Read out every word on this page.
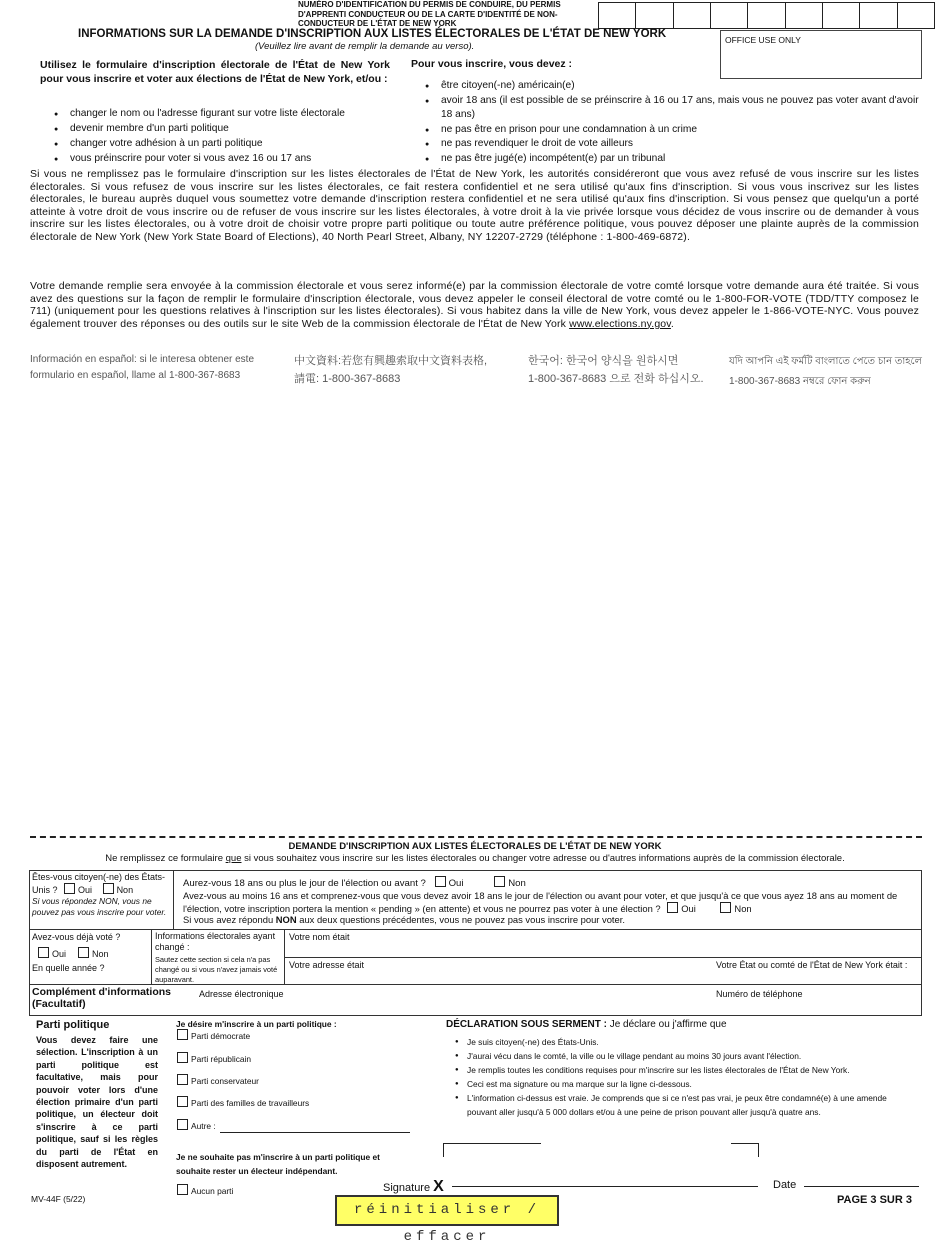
NUMÉRO D'IDENTIFICATION DU PERMIS DE CONDUIRE, DU PERMIS D'APPRENTI CONDUCTEUR OU DE LA CARTE D'IDENTITÉ DE NON-CONDUCTEUR DE L'ÉTAT DE NEW YORK
INFORMATIONS SUR LA DEMANDE D'INSCRIPTION AUX LISTES ÉLECTORALES DE L'ÉTAT DE NEW YORK
(Veuillez lire avant de remplir la demande au verso).
OFFICE USE ONLY
Utilisez le formulaire d'inscription électorale de l'État de New York pour vous inscrire et voter aux élections de l'État de New York, et/ou :
● changer le nom ou l'adresse figurant sur votre liste électorale
● devenir membre d'un parti politique
● changer votre adhésion à un parti politique
● vous préinscrire pour voter si vous avez 16 ou 17 ans
Pour vous inscrire, vous devez :
● être citoyen(-ne) américain(e)
● avoir 18 ans (il est possible de se préinscrire à 16 ou 17 ans, mais vous ne pouvez pas voter avant d'avoir 18 ans)
● ne pas être en prison pour une condamnation à un crime
● ne pas revendiquer le droit de vote ailleurs
● ne pas être jugé(e) incompétent(e) par un tribunal
Si vous ne remplissez pas le formulaire d'inscription sur les listes électorales de l'État de New York, les autorités considéreront que vous avez refusé de vous inscrire sur les listes électorales. Si vous refusez de vous inscrire sur les listes électorales, ce fait restera confidentiel et ne sera utilisé qu'aux fins d'inscription. Si vous vous inscrivez sur les listes électorales, le bureau auprès duquel vous soumettez votre demande d'inscription restera confidentiel et ne sera utilisé qu'aux fins d'inscription. Si vous pensez que quelqu'un a porté atteinte à votre droit de vous inscrire ou de refuser de vous inscrire sur les listes électorales, à votre droit à la vie privée lorsque vous décidez de vous inscrire ou de demander à vous inscrire sur les listes électorales, ou à votre droit de choisir votre propre parti politique ou toute autre préférence politique, vous pouvez déposer une plainte auprès de la commission électorale de New York (New York State Board of Elections), 40 North Pearl Street, Albany, NY 12207-2729 (téléphone : 1-800-469-6872).
Votre demande remplie sera envoyée à la commission électorale et vous serez informé(e) par la commission électorale de votre comté lorsque votre demande aura été traitée. Si vous avez des questions sur la façon de remplir le formulaire d'inscription électorale, vous devez appeler le conseil électoral de votre comté ou le 1-800-FOR-VOTE (TDD/TTY composez le 711) (uniquement pour les questions relatives à l'inscription sur les listes électorales). Si vous habitez dans la ville de New York, vous devez appeler le 1-866-VOTE-NYC. Vous pouvez également trouver des réponses ou des outils sur le site Web de la commission électorale de l'État de New York www.elections.ny.gov.
Información en español: si le interesa obtener este formulario en español, llame al 1-800-367-8683
中文資料:若您有興趣索取中文資料表格,
請電: 1-800-367-8683
한국어: 한국어 양식을 원하시면
1-800-367-8683 으로 전화 하십시오.
যদি আপনি এই ফর্মটি বাংলাতে পেতে চান তাহলে
1-800-367-8683 নম্বরে ফোন করুন
DEMANDE D'INSCRIPTION AUX LISTES ÉLECTORALES DE L'ÉTAT DE NEW YORK
Ne remplissez ce formulaire que si vous souhaitez vous inscrire sur les listes électorales ou changer votre adresse ou d'autres informations auprès de la commission électorale.
Êtes-vous citoyen(-ne) des États-Unis ? Oui	Non
Si vous répondez NON, vous ne pouvez pas vous inscrire pour voter.
Aurez-vous 18 ans ou plus le jour de l'élection ou avant ? Oui	Non
Avez-vous au moins 16 ans et comprenez-vous que vous devez avoir 18 ans le jour de l'élection ou avant pour voter, et que jusqu'à ce que vous ayez 18 ans au moment de l'élection, votre inscription portera la mention « pending » (en attente) et vous ne pourrez pas voter à une élection ? Oui	Non
Si vous avez répondu NON aux deux questions précédentes, vous ne pouvez pas vous inscrire pour voter.
Avez-vous déjà voté ?
Oui	Non
En quelle année ?
Informations électorales ayant changé :
Sautez cette section si cela n'a pas changé ou si vous n'avez jamais voté auparavant.
Votre nom était
Votre adresse était	Votre État ou comté de l'État de New York était :
Complément d'informations (Facultatif)
Adresse électronique	Numéro de téléphone
Parti politique
Vous devez faire une sélection. L'inscription à un parti politique est facultative, mais pour pouvoir voter lors d'une élection primaire d'un parti politique, un électeur doit s'inscrire à ce parti politique, sauf si les règles du parti de l'État en disposent autrement.
Je désire m'inscrire à un parti politique :
Parti démocrate
Parti républicain
Parti conservateur
Parti des familles de travailleurs
Autre :
Je ne souhaite pas m'inscrire à un parti politique et souhaite rester un électeur indépendant.
Aucun parti
DÉCLARATION SOUS SERMENT : Je déclare ou j'affirme que
● Je suis citoyen(-ne) des États-Unis.
● J'aurai vécu dans le comté, la ville ou le village pendant au moins 30 jours avant l'élection.
● Je remplis toutes les conditions requises pour m'inscrire sur les listes électorales de l'État de New York.
● Ceci est ma signature ou ma marque sur la ligne ci-dessous.
● L'information ci-dessus est vraie. Je comprends que si ce n'est pas vrai, je peux être condamné(e) à une amende pouvant aller jusqu'à 5 000 dollars et/ou à une peine de prison pouvant aller jusqu'à quatre ans.
Signature X	Date
MV-44F (5/22)	PAGE 3 SUR 3
réinitialiser / effacer
